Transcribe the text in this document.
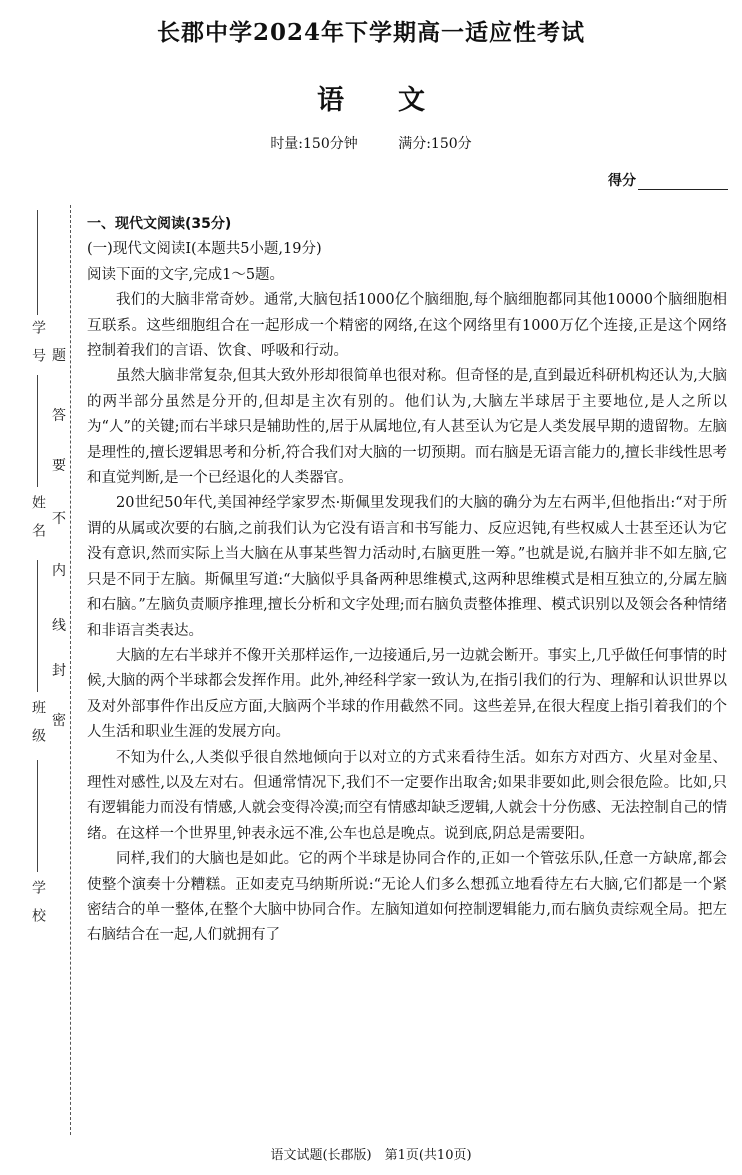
学　号
姓　名
班　级
学　校
密
封
线
内
不
要
答
题
长郡中学2024年下学期高一适应性考试
语　　文
时量:150分钟	满分:150分
得分

一、现代文阅读(35分)

(一)现代文阅读Ⅰ(本题共5小题,19分)

阅读下面的文字,完成1～5题。

我们的大脑非常奇妙。通常,大脑包括1000亿个脑细胞,每个脑细胞都同其他10000个脑细胞相互联系。这些细胞组合在一起形成一个精密的网络,在这个网络里有1000万亿个连接,正是这个网络控制着我们的言语、饮食、呼吸和行动。

虽然大脑非常复杂,但其大致外形却很简单也很对称。但奇怪的是,直到最近科研机构还认为,大脑的两半部分虽然是分开的,但却是主次有别的。他们认为,大脑左半球居于主要地位,是人之所以为“人”的关键;而右半球只是辅助性的,居于从属地位,有人甚至认为它是人类发展早期的遗留物。左脑是理性的,擅长逻辑思考和分析,符合我们对大脑的一切预期。而右脑是无语言能力的,擅长非线性思考和直觉判断,是一个已经退化的人类器官。

20世纪50年代,美国神经学家罗杰·斯佩里发现我们的大脑的确分为左右两半,但他指出:“对于所谓的从属或次要的右脑,之前我们认为它没有语言和书写能力、反应迟钝,有些权威人士甚至还认为它没有意识,然而实际上当大脑在从事某些智力活动时,右脑更胜一筹。”也就是说,右脑并非不如左脑,它只是不同于左脑。斯佩里写道:“大脑似乎具备两种思维模式,这两种思维模式是相互独立的,分属左脑和右脑。”左脑负责顺序推理,擅长分析和文字处理;而右脑负责整体推理、模式识别以及领会各种情绪和非语言类表达。

大脑的左右半球并不像开关那样运作,一边接通后,另一边就会断开。事实上,几乎做任何事情的时候,大脑的两个半球都会发挥作用。此外,神经科学家一致认为,在指引我们的行为、理解和认识世界以及对外部事件作出反应方面,大脑两个半球的作用截然不同。这些差异,在很大程度上指引着我们的个人生活和职业生涯的发展方向。

不知为什么,人类似乎很自然地倾向于以对立的方式来看待生活。如东方对西方、火星对金星、理性对感性,以及左对右。但通常情况下,我们不一定要作出取舍;如果非要如此,则会很危险。比如,只有逻辑能力而没有情感,人就会变得冷漠;而空有情感却缺乏逻辑,人就会十分伤感、无法控制自己的情绪。在这样一个世界里,钟表永远不准,公车也总是晚点。说到底,阴总是需要阳。

同样,我们的大脑也是如此。它的两个半球是协同合作的,正如一个管弦乐队,任意一方缺席,都会使整个演奏十分糟糕。正如麦克马纳斯所说:“无论人们多么想孤立地看待左右大脑,它们都是一个紧密结合的单一整体,在整个大脑中协同合作。左脑知道如何控制逻辑能力,而右脑负责综观全局。把左右脑结合在一起,人们就拥有了

语文试题(长郡版)　第1页(共10页)
